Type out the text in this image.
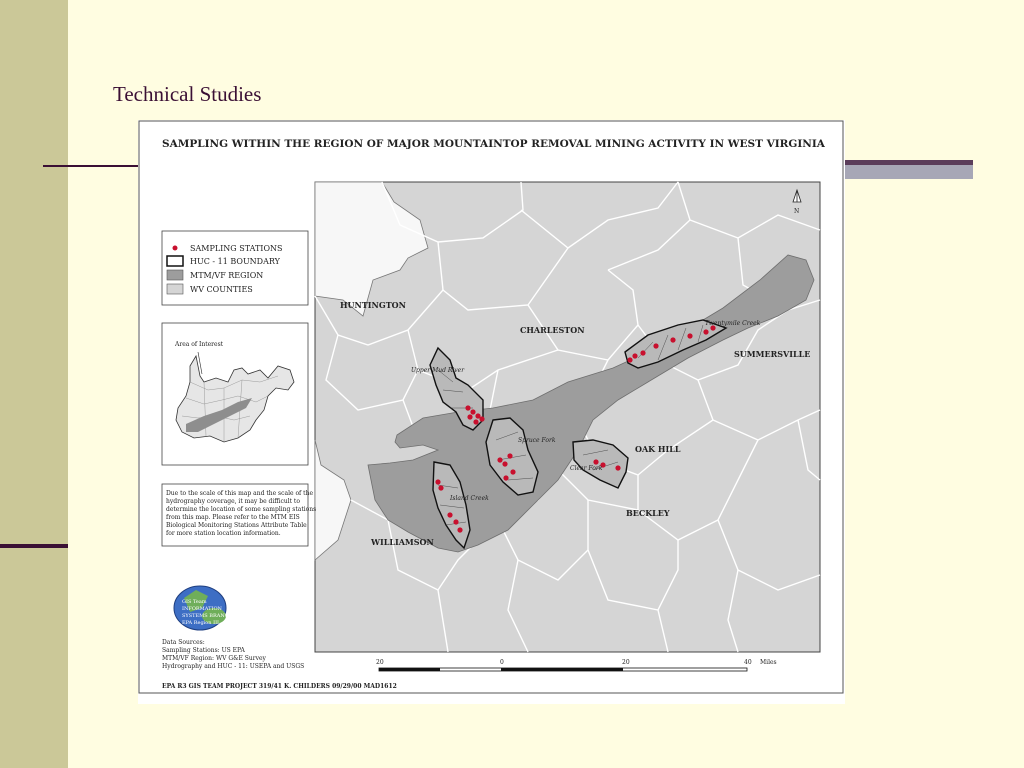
Technical Studies
SAMPLING WITHIN THE REGION OF MAJOR MOUNTAINTOP REMOVAL MINING ACTIVITY IN WEST VIRGINIA
N
HUNTINGTON
CHARLESTON
SUMMERSVILLE
OAK HILL
BECKLEY
WILLIAMSON
Twentymile Creek
Upper Mud River
Spruce Fork
Clear Fork
Island Creek
SAMPLING STATIONS
HUC - 11 BOUNDARY
MTM/VF REGION
WV COUNTIES
Area of Interest
Due to the scale of this map and the scale of the
hydrography coverage, it may be difficult to
determine the location of some sampling stations
from this map. Please refer to the MTM EIS
Biological Monitoring Stations Attribute Table
for more station location information.
GIS Team
INFORMATION
SYSTEMS BRANCH
EPA Region III
Data Sources:
Sampling Stations: US EPA
MTM/VF Region: WV G&E Survey
Hydrography and HUC - 11: USEPA and USGS
20	0	20	40 Miles
EPA R3 GIS TEAM PROJECT 319/41 K. CHILDERS 09/29/00 MAD1612
